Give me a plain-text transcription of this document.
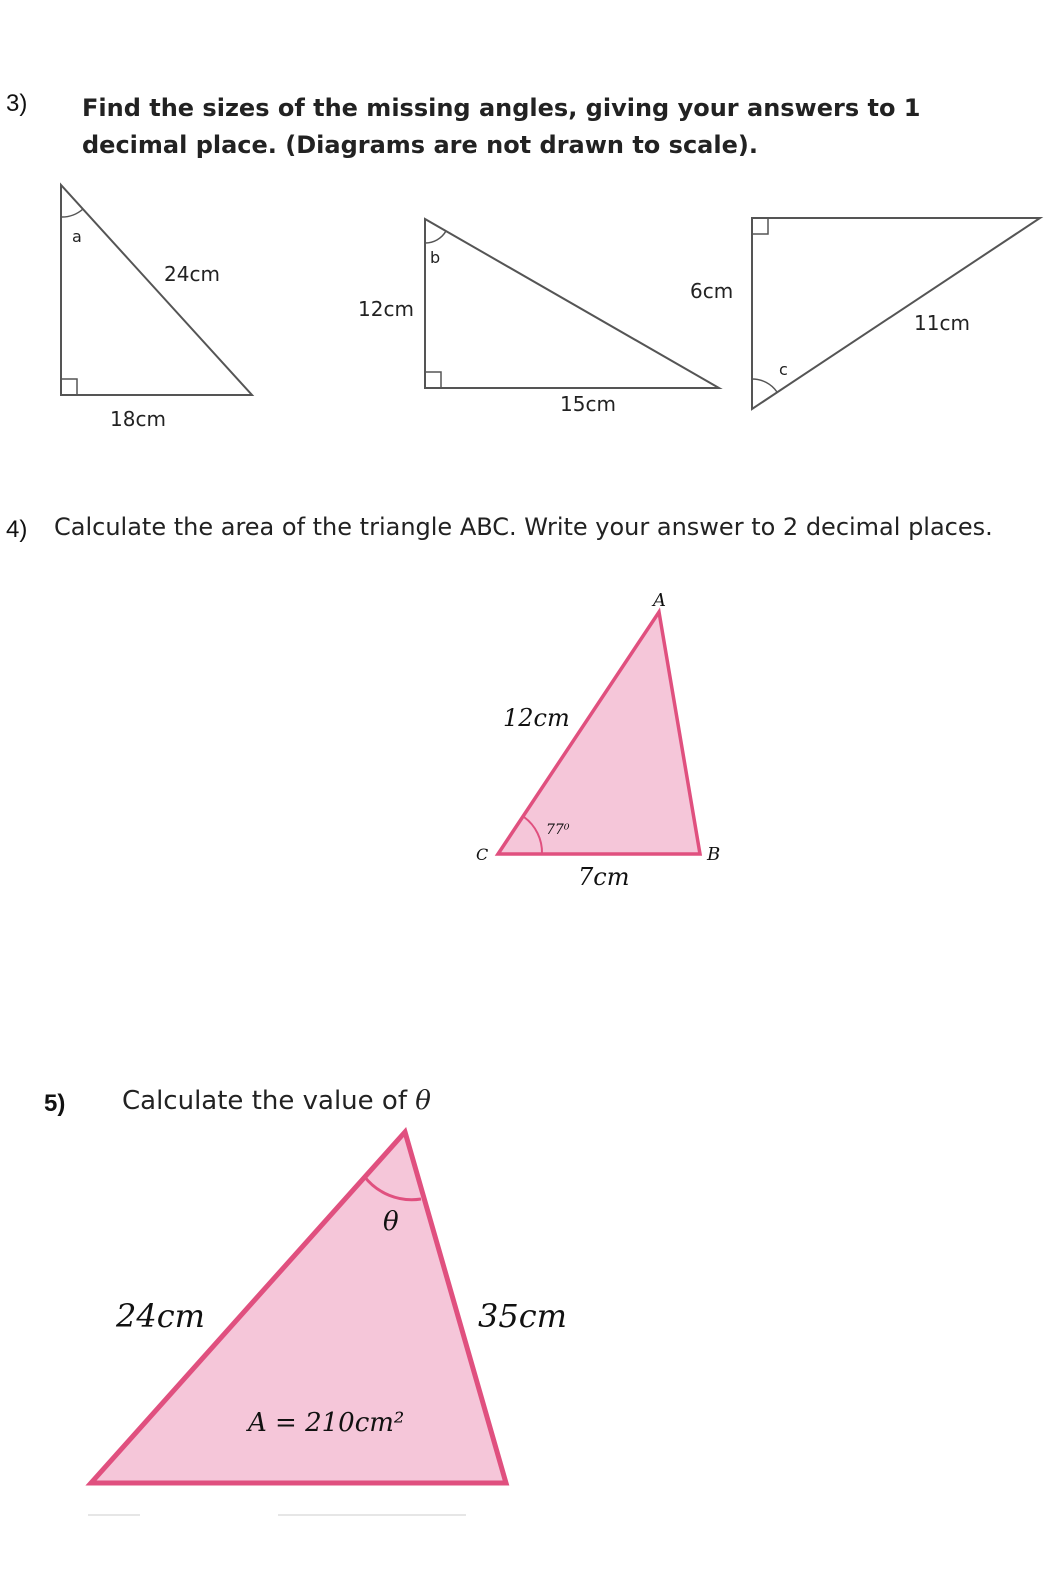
3) Find the sizes of the missing angles, giving your answers to 1 decimal place. (Diagrams are not drawn to scale).
4) Calculate the area of the triangle ABC. Write your answer to 2 decimal places.
5) Calculate the value of θ
a
24cm
18cm
b
12cm
15cm
c
6cm
11cm
A
B
C
12cm
7cm
77⁰
θ
24cm	35cm
A = 210cm²
